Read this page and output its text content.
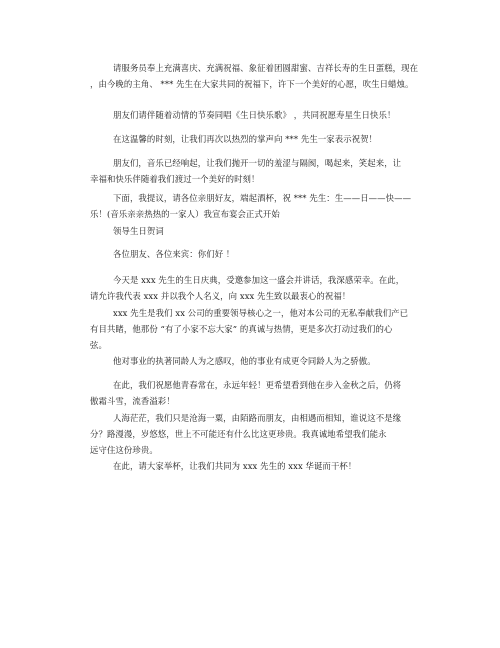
请服务员奉上充满喜庆、充满祝福、象征着团圆甜蜜、吉祥长寿的生日蛋糕，现在
，由今晚的主角、 *** 先生在大家共同的祝福下，许下一个美好的心愿，吹生日蜡烛。
朋友们请伴随着动情的节奏同唱《生日快乐歌》 ，共同祝愿寿星生日快乐！
在这温馨的时刻，让我们再次以热烈的掌声向 *** 先生一家表示祝贺！
朋友们，音乐已经响起，让我们抛开一切的羞涩与隔阂，喝起来，笑起来，让
幸福和快乐伴随着我们渡过一个美好的时刻！
下面，我提议，请各位亲朋好友，端起酒杯，祝 *** 先生：生——日——快——
乐！(音乐亲亲热热的一家人）我宣布宴会正式开始
领导生日贺词
各位朋友、各位来宾：你们好 ！
今天是 xxx 先生的生日庆典，受邀参加这一盛会并讲话，我深感荣幸。在此，
请允许我代表 xxx 并以我个人名义，向 xxx 先生致以最衷心的祝福！
xxx 先生是我们 xx 公司的重要领导核心之一，他对本公司的无私奉献我们产已
有目共睹，他那份 “有了小家不忘大家” 的真诚与热情，更是多次打动过我们的心
弦。
他对事业的执著同龄人为之感叹，他的事业有成更令同龄人为之骄傲。
在此，我们祝愿他青春常在，永远年轻！更希望看到他在步入金秋之后，仍将
傲霜斗雪，流香溢彩！
人海茫茫，我们只是沧海一粟，由陌路而朋友，由相遇而相知，谁说这不是缘
分？路漫漫，岁悠悠，世上不可能还有什么比这更珍贵。我真诚地希望我们能永
远守住这份珍贵。
在此，请大家举杯，让我们共同为 xxx 先生的 xxx 华诞而干杯！
